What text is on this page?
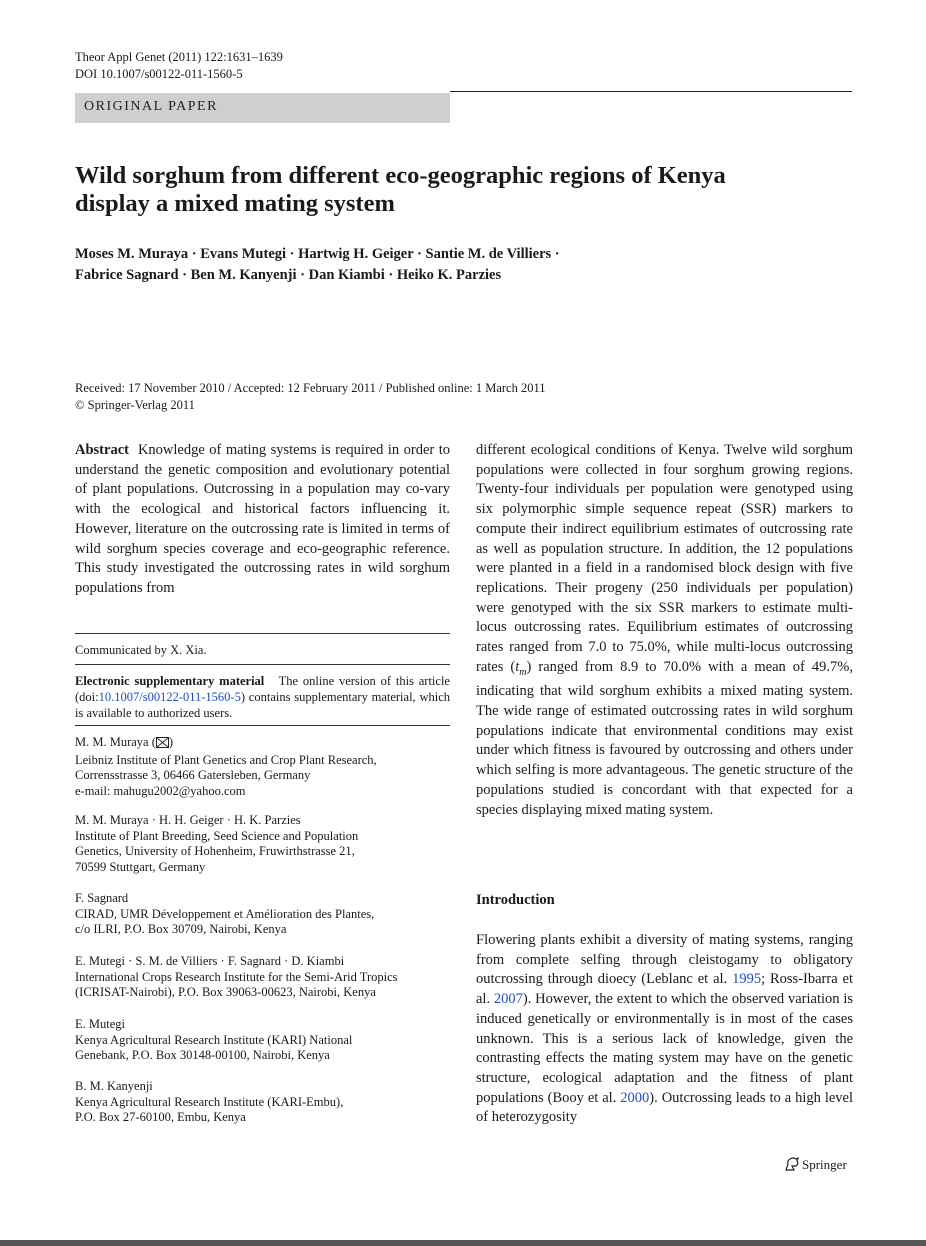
Theor Appl Genet (2011) 122:1631–1639
DOI 10.1007/s00122-011-1560-5
ORIGINAL PAPER
Wild sorghum from different eco-geographic regions of Kenya
display a mixed mating system
Moses M. Muraya · Evans Mutegi · Hartwig H. Geiger · Santie M. de Villiers ·
Fabrice Sagnard · Ben M. Kanyenji · Dan Kiambi · Heiko K. Parzies
Received: 17 November 2010 / Accepted: 12 February 2011 / Published online: 1 March 2011
© Springer-Verlag 2011
Abstract Knowledge of mating systems is required in order to understand the genetic composition and evolutionary potential of plant populations. Outcrossing in a population may co-vary with the ecological and historical factors influencing it. However, literature on the outcrossing rate is limited in terms of wild sorghum species coverage and eco-geographic reference. This study investigated the outcrossing rates in wild sorghum populations from
Communicated by X. Xia.
Electronic supplementary material The online version of this article (doi:10.1007/s00122-011-1560-5) contains supplementary material, which is available to authorized users.
M. M. Muraya ( )
Leibniz Institute of Plant Genetics and Crop Plant Research,
Corrensstrasse 3, 06466 Gatersleben, Germany
e-mail: mahugu2002@yahoo.com
M. M. Muraya · H. H. Geiger · H. K. Parzies
Institute of Plant Breeding, Seed Science and Population
Genetics, University of Hohenheim, Fruwirthstrasse 21,
70599 Stuttgart, Germany
F. Sagnard
CIRAD, UMR Développement et Amélioration des Plantes,
c/o ILRI, P.O. Box 30709, Nairobi, Kenya
E. Mutegi · S. M. de Villiers · F. Sagnard · D. Kiambi
International Crops Research Institute for the Semi-Arid Tropics
(ICRISAT-Nairobi), P.O. Box 39063-00623, Nairobi, Kenya
E. Mutegi
Kenya Agricultural Research Institute (KARI) National
Genebank, P.O. Box 30148-00100, Nairobi, Kenya
B. M. Kanyenji
Kenya Agricultural Research Institute (KARI-Embu),
P.O. Box 27-60100, Embu, Kenya
different ecological conditions of Kenya. Twelve wild sorghum populations were collected in four sorghum growing regions. Twenty-four individuals per population were genotyped using six polymorphic simple sequence repeat (SSR) markers to compute their indirect equilibrium estimates of outcrossing rate as well as population structure. In addition, the 12 populations were planted in a field in a randomised block design with five replications. Their progeny (250 individuals per population) were genotyped with the six SSR markers to estimate multi-locus outcrossing rates. Equilibrium estimates of outcrossing rates ranged from 7.0 to 75.0%, while multi-locus outcrossing rates $(t_m)$ ranged from 8.9 to 70.0% with a mean of 49.7%, indicating that wild sorghum exhibits a mixed mating system. The wide range of estimated outcrossing rates in wild sorghum populations indicate that environmental conditions may exist under which fitness is favoured by outcrossing and others under which selfing is more advantageous. The genetic structure of the populations studied is concordant with that expected for a species displaying mixed mating system.
Introduction
Flowering plants exhibit a diversity of mating systems, ranging from complete selfing through cleistogamy to obligatory outcrossing through dioecy (Leblanc et al. 1995; Ross-Ibarra et al. 2007). However, the extent to which the observed variation is induced genetically or environmentally is in most of the cases unknown. This is a serious lack of knowledge, given the contrasting effects the mating system may have on the genetic structure, ecological adaptation and the fitness of plant populations (Booy et al. 2000). Outcrossing leads to a high level of heterozygosity
Springer
